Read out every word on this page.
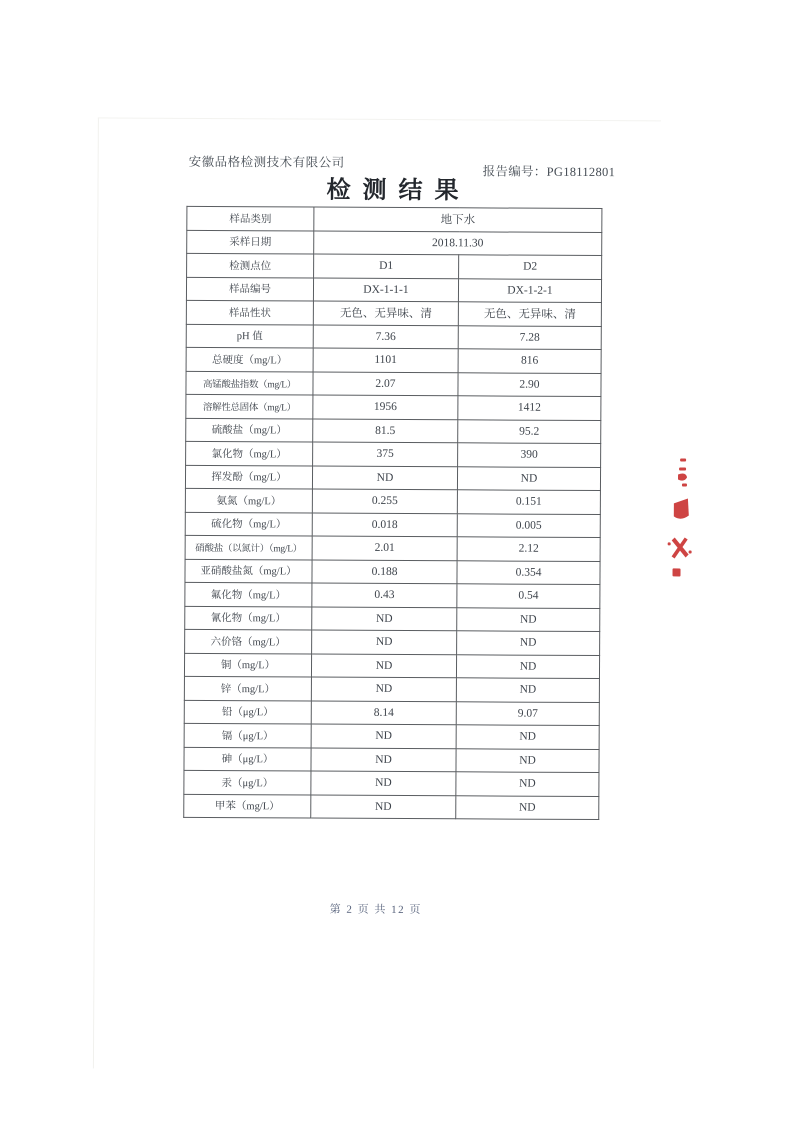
安徽品格检测技术有限公司
报告编号：PG18112801
检 测 结 果
样品类别	地下水	
采样日期	2018.11.30	
检测点位	D1	D2
样品编号	DX-1-1-1	DX-1-2-1
样品性状	无色、无异味、清	无色、无异味、清
pH 值	7.36	7.28
总硬度（mg/L）	1101	816
高锰酸盐指数（mg/L）	2.07	2.90
溶解性总固体（mg/L）	1956	1412
硫酸盐（mg/L）	81.5	95.2
氯化物（mg/L）	375	390
挥发酚（mg/L）	ND	ND
氨氮（mg/L）	0.255	0.151
硫化物（mg/L）	0.018	0.005
硝酸盐（以氮计）（mg/L）	2.01	2.12
亚硝酸盐氮（mg/L）	0.188	0.354
氟化物（mg/L）	0.43	0.54
氰化物（mg/L）	ND	ND
六价铬（mg/L）	ND	ND
铜（mg/L）	ND	ND
锌（mg/L）	ND	ND
铅（μg/L）	8.14	9.07
镉（μg/L）	ND	ND
砷（μg/L）	ND	ND
汞（μg/L）	ND	ND
甲苯（mg/L）	ND	ND
第 2 页 共 12 页
